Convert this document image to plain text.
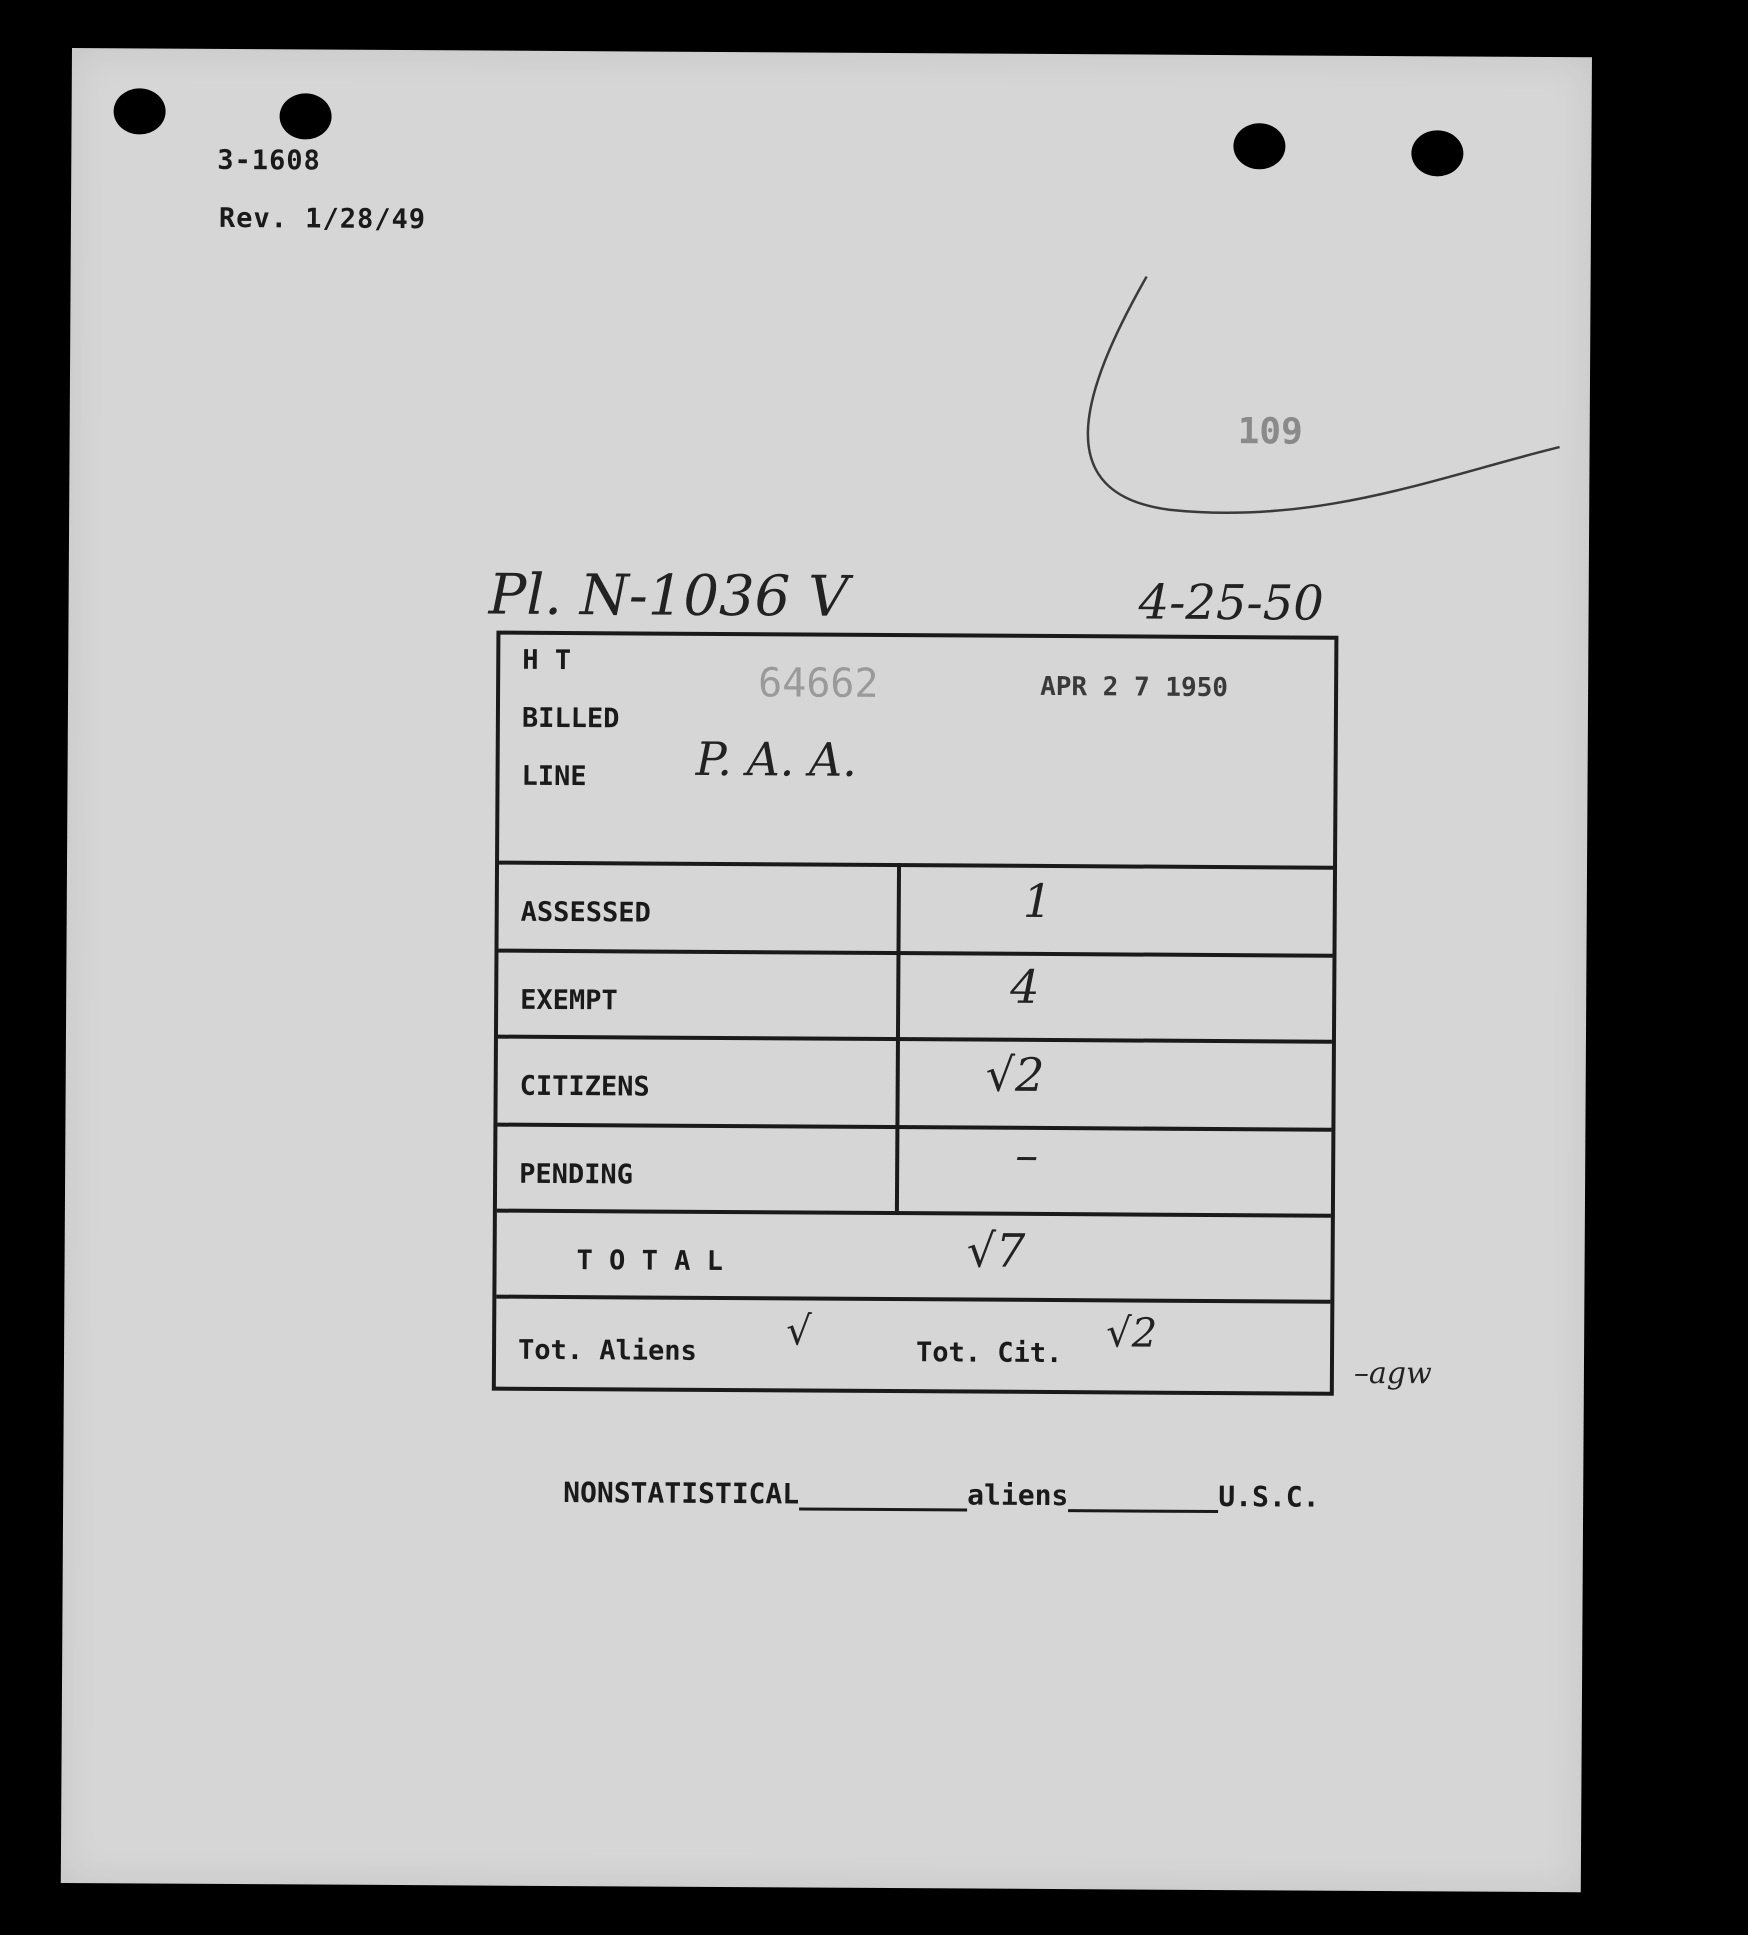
3-1608
Rev. 1/28/49
109
Pl. N-1036 V	4-25-50
H T	64662	APR 2 7 1950
BILLED
LINE P. A. A.
ASSESSED	1
EXEMPT	4
CITIZENS	√2
PENDING	–
T O T A L	√7
Tot. Aliens √	Tot. Cit. √2
–agw
NONSTATISTICAL	aliens	U.S.C.
